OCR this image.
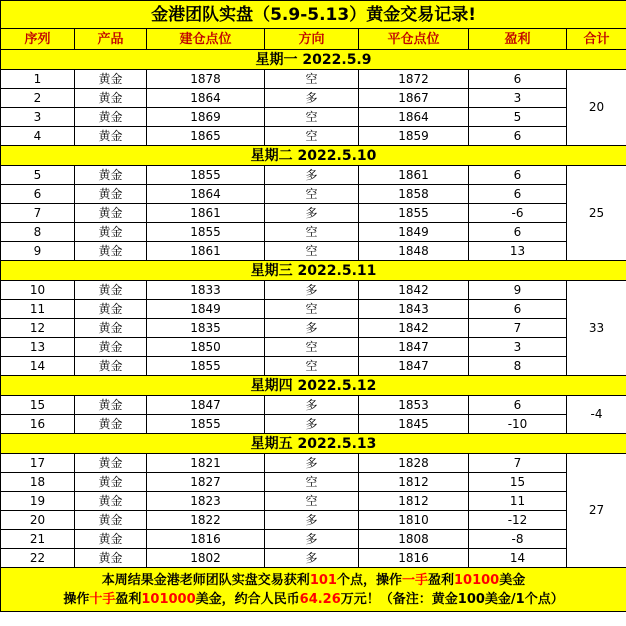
金港团队实盘（5.9-5.13）黄金交易记录!						
序列	产品	建仓点位	方向	平仓点位	盈利	合计
星期一 2022.5.9						
1	黄金	1878	空	1872	6	20
2	黄金	1864	多	1867	3	
3	黄金	1869	空	1864	5	
4	黄金	1865	空	1859	6	
星期二 2022.5.10						
5	黄金	1855	多	1861	6	25
6	黄金	1864	空	1858	6	
7	黄金	1861	多	1855	-6	
8	黄金	1855	空	1849	6	
9	黄金	1861	空	1848	13	
星期三 2022.5.11						
10	黄金	1833	多	1842	9	33
11	黄金	1849	空	1843	6	
12	黄金	1835	多	1842	7	
13	黄金	1850	空	1847	3	
14	黄金	1855	空	1847	8	
星期四 2022.5.12						
15	黄金	1847	多	1853	6	-4
16	黄金	1855	多	1845	-10	
星期五 2022.5.13						
17	黄金	1821	多	1828	7	27
18	黄金	1827	空	1812	15	
19	黄金	1823	空	1812	11	
20	黄金	1822	多	1810	-12	
21	黄金	1816	多	1808	-8	
22	黄金	1802	多	1816	14	

本周结果金港老师团队实盘交易获利101个点，操作一手盈利10100美金
操作十手盈利101000美金，约合人民币64.26万元！（备注：黄金100美金/1个点）						
